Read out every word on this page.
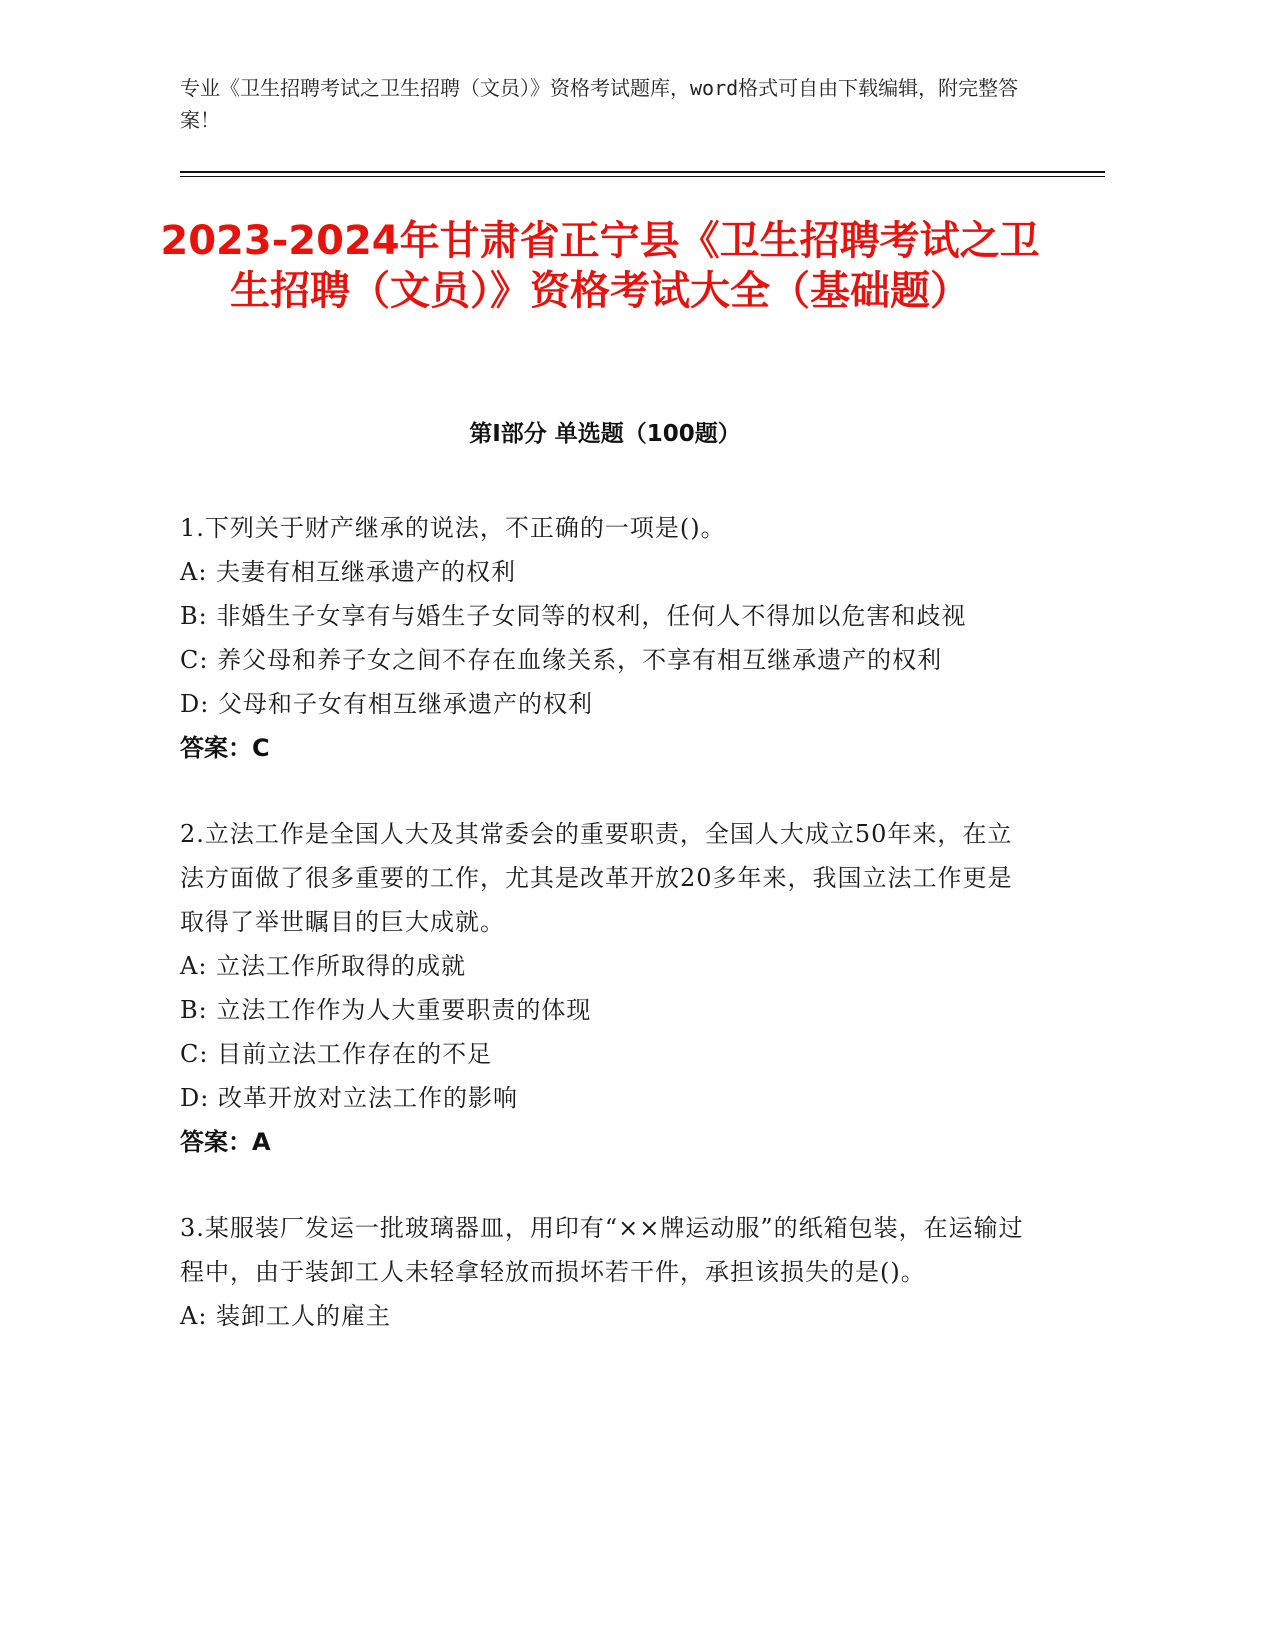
专业《卫生招聘考试之卫生招聘（文员）》资格考试题库，word格式可自由下载编辑，附完整答案！
2023-2024年甘肃省正宁县《卫生招聘考试之卫生招聘（文员）》资格考试大全（基础题）
第I部分 单选题（100题）
1.下列关于财产继承的说法，不正确的一项是()。
A: 夫妻有相互继承遗产的权利
B: 非婚生子女享有与婚生子女同等的权利，任何人不得加以危害和歧视
C: 养父母和养子女之间不存在血缘关系，不享有相互继承遗产的权利
D: 父母和子女有相互继承遗产的权利
答案：C
2.立法工作是全国人大及其常委会的重要职责，全国人大成立50年来，在立法方面做了很多重要的工作，尤其是改革开放20多年来，我国立法工作更是取得了举世瞩目的巨大成就。
A: 立法工作所取得的成就
B: 立法工作作为人大重要职责的体现
C: 目前立法工作存在的不足
D: 改革开放对立法工作的影响
答案：A
3.某服装厂发运一批玻璃器皿，用印有“××牌运动服”的纸箱包装，在运输过程中，由于装卸工人未轻拿轻放而损坏若干件，承担该损失的是()。
A: 装卸工人的雇主
